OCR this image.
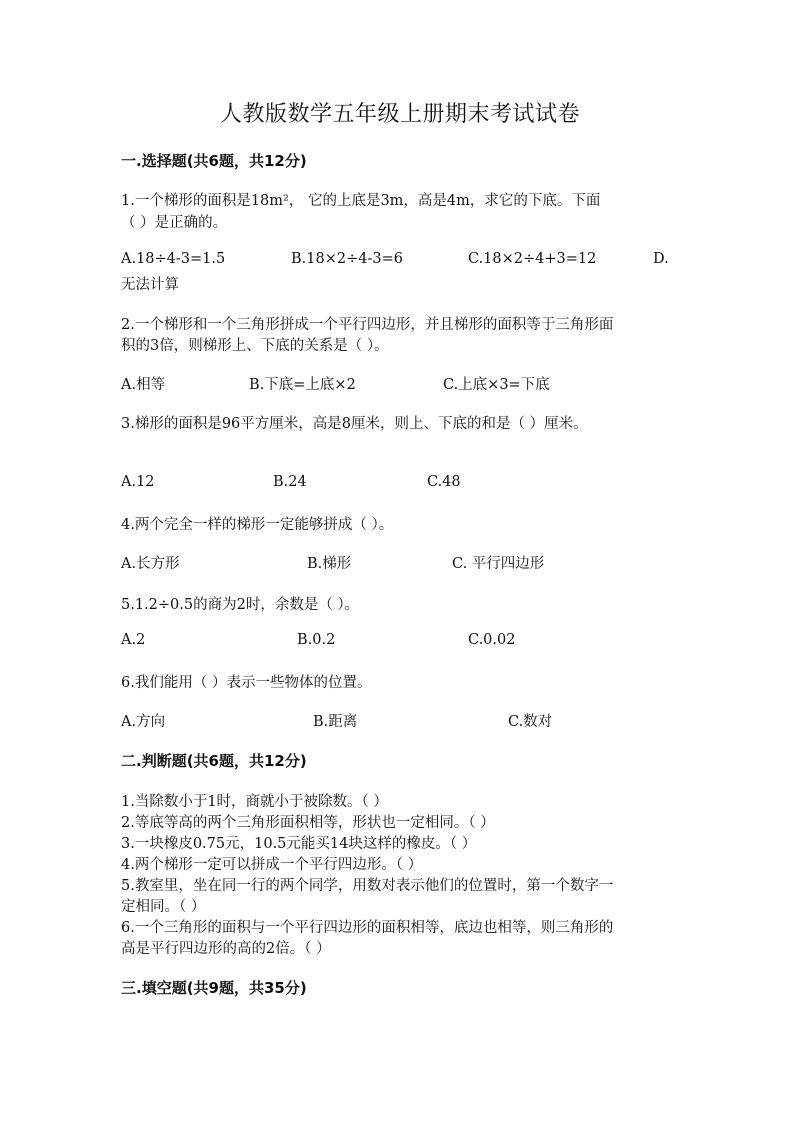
人教版数学五年级上册期末考试试卷
一.选择题(共6题，共12分)
1.一个梯形的面积是18m²， 它的上底是3m，高是4m，求它的下底。下面
（ ）是正确的。
A.18÷4-3=1.5	B.18×2÷4-3=6	C.18×2÷4+3=12	D.
无法计算
2.一个梯形和一个三角形拼成一个平行四边形，并且梯形的面积等于三角形面
积的3倍，则梯形上、下底的关系是（ ）。
A.相等	B.下底=上底×2	C.上底×3=下底
3.梯形的面积是96平方厘米，高是8厘米，则上、下底的和是（ ）厘米。
A.12	B.24	C.48
4.两个完全一样的梯形一定能够拼成（ ）。
A.长方形	B.梯形	C. 平行四边形
5.1.2÷0.5的商为2时，余数是（ ）。
A.2	B.0.2	C.0.02
6.我们能用（ ）表示一些物体的位置。
A.方向	B.距离	C.数对
二.判断题(共6题，共12分)
1.当除数小于1时，商就小于被除数。（ ）
2.等底等高的两个三角形面积相等，形状也一定相同。（ ）
3.一块橡皮0.75元，10.5元能买14块这样的橡皮。（ ）
4.两个梯形一定可以拼成一个平行四边形。（ ）
5.教室里，坐在同一行的两个同学，用数对表示他们的位置时，第一个数字一
定相同。（ ）
6.一个三角形的面积与一个平行四边形的面积相等，底边也相等，则三角形的
高是平行四边形的高的2倍。（ ）
三.填空题(共9题，共35分)
